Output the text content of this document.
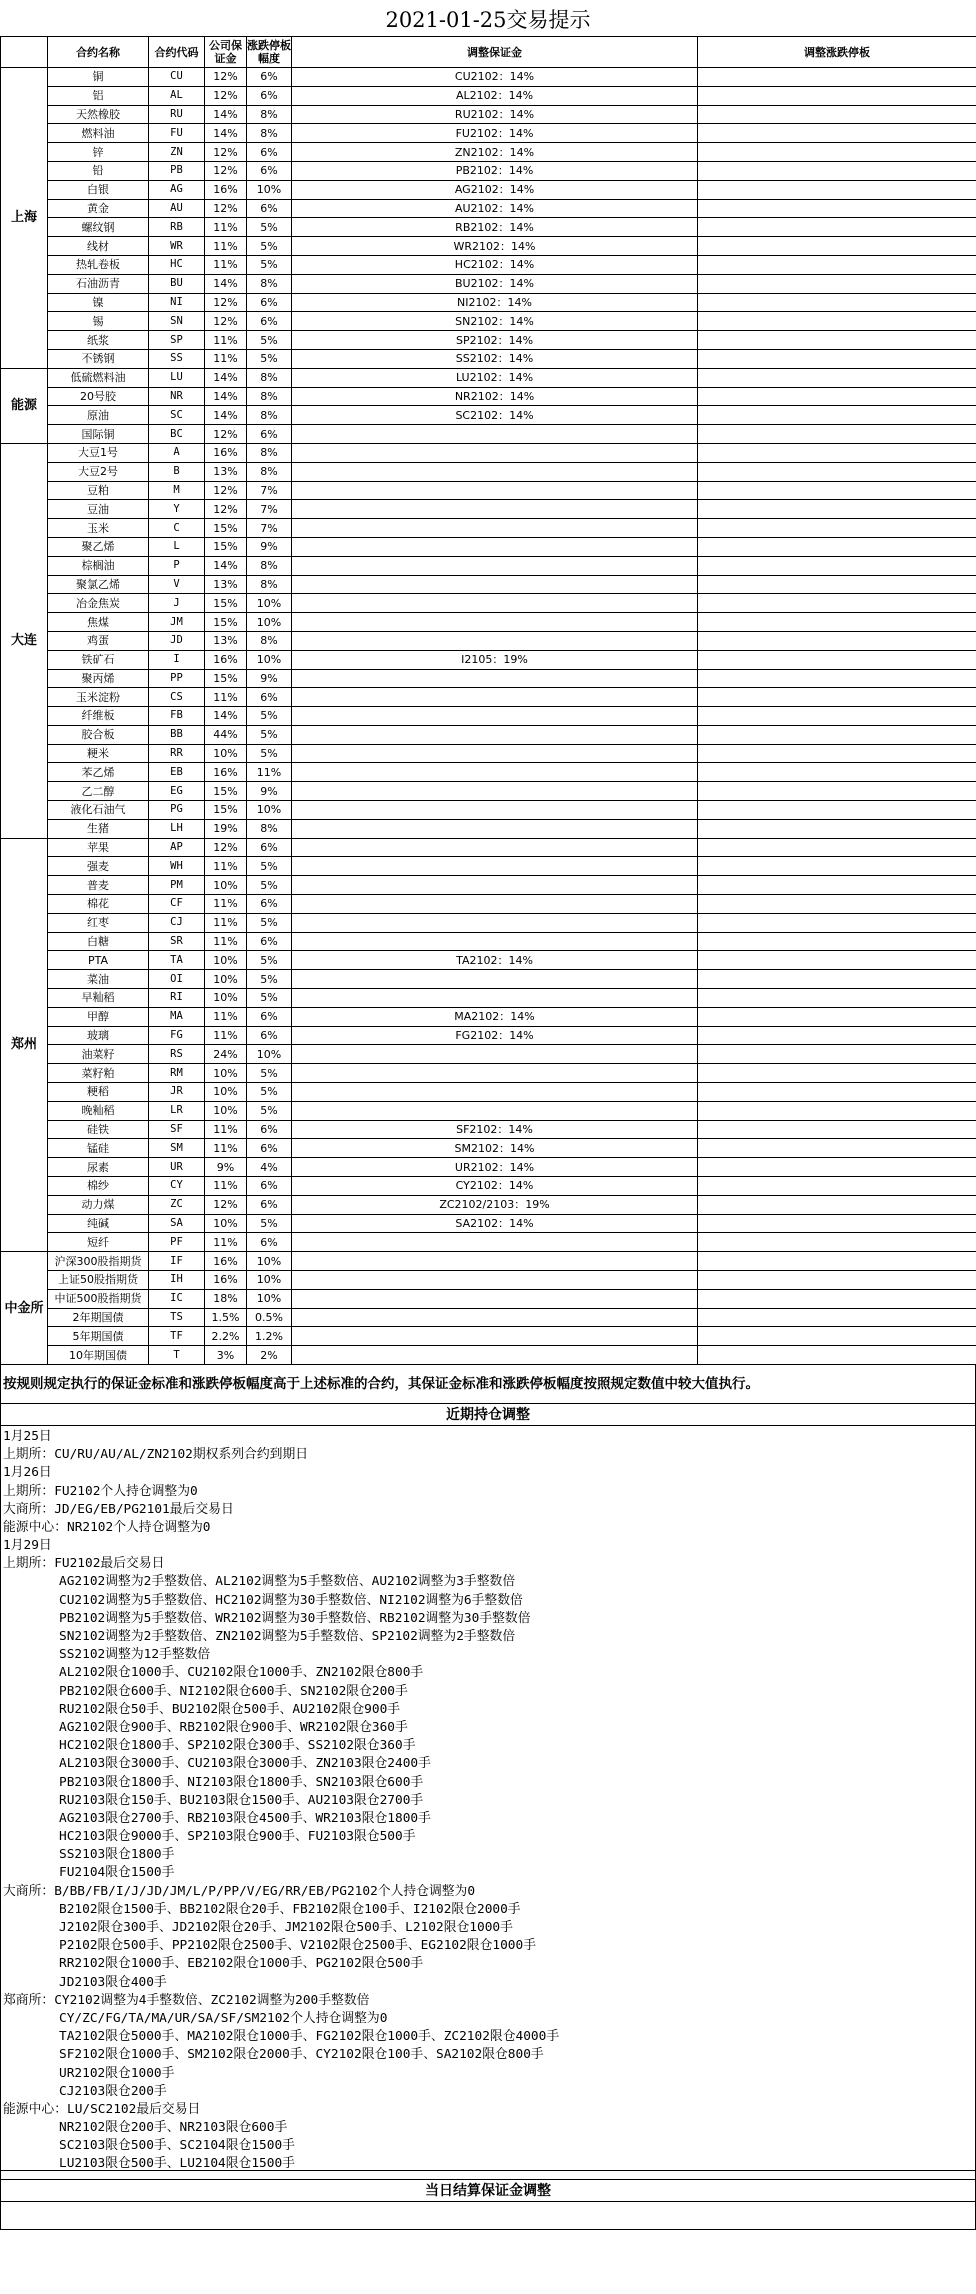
2021-01-25交易提示
	合约名称	合约代码	公司保证金	涨跌停板幅度	调整保证金	调整涨跌停板
上海	铜	CU	12%	6%	CU2102：14%	
	铝	AL	12%	6%	AL2102：14%	
	天然橡胶	RU	14%	8%	RU2102：14%	
	燃料油	FU	14%	8%	FU2102：14%	
	锌	ZN	12%	6%	ZN2102：14%	
	铅	PB	12%	6%	PB2102：14%	
	白银	AG	16%	10%	AG2102：14%	
	黄金	AU	12%	6%	AU2102：14%	
	螺纹钢	RB	11%	5%	RB2102：14%	
	线材	WR	11%	5%	WR2102：14%	
	热轧卷板	HC	11%	5%	HC2102：14%	
	石油沥青	BU	14%	8%	BU2102：14%	
	镍	NI	12%	6%	NI2102：14%	
	锡	SN	12%	6%	SN2102：14%	
	纸浆	SP	11%	5%	SP2102：14%	
	不锈钢	SS	11%	5%	SS2102：14%	
能源	低硫燃料油	LU	14%	8%	LU2102：14%	
	20号胶	NR	14%	8%	NR2102：14%	
	原油	SC	14%	8%	SC2102：14%	
	国际铜	BC	12%	6%		
大连	大豆1号	A	16%	8%		
	大豆2号	B	13%	8%		
	豆粕	M	12%	7%		
	豆油	Y	12%	7%		
	玉米	C	15%	7%		
	聚乙烯	L	15%	9%		
	棕榈油	P	14%	8%		
	聚氯乙烯	V	13%	8%		
	冶金焦炭	J	15%	10%		
	焦煤	JM	15%	10%		
	鸡蛋	JD	13%	8%		
	铁矿石	I	16%	10%	I2105：19%	
	聚丙烯	PP	15%	9%		
	玉米淀粉	CS	11%	6%		
	纤维板	FB	14%	5%		
	胶合板	BB	44%	5%		
	粳米	RR	10%	5%		
	苯乙烯	EB	16%	11%		
	乙二醇	EG	15%	9%		
	液化石油气	PG	15%	10%		
	生猪	LH	19%	8%		
郑州	苹果	AP	12%	6%		
	强麦	WH	11%	5%		
	普麦	PM	10%	5%		
	棉花	CF	11%	6%		
	红枣	CJ	11%	5%		
	白糖	SR	11%	6%		
	PTA	TA	10%	5%	TA2102：14%	
	菜油	OI	10%	5%		
	早籼稻	RI	10%	5%		
	甲醇	MA	11%	6%	MA2102：14%	
	玻璃	FG	11%	6%	FG2102：14%	
	油菜籽	RS	24%	10%		
	菜籽粕	RM	10%	5%		
	粳稻	JR	10%	5%		
	晚籼稻	LR	10%	5%		
	硅铁	SF	11%	6%	SF2102：14%	
	锰硅	SM	11%	6%	SM2102：14%	
	尿素	UR	9%	4%	UR2102：14%	
	棉纱	CY	11%	6%	CY2102：14%	
	动力煤	ZC	12%	6%	ZC2102/2103：19%	
	纯碱	SA	10%	5%	SA2102：14%	
	短纤	PF	11%	6%		
中金所	沪深300股指期货	IF	16%	10%		
	上证50股指期货	IH	16%	10%		
	中证500股指期货	IC	18%	10%		
	2年期国债	TS	1.5%	0.5%		
	5年期国债	TF	2.2%	1.2%		
	10年期国债	T	3%	2%		
按规则规定执行的保证金标准和涨跌停板幅度高于上述标准的合约，其保证金标准和涨跌停板幅度按照规定数值中较大值执行。
近期持仓调整
1月25日
上期所：CU/RU/AU/AL/ZN2102期权系列合约到期日
1月26日
上期所：FU2102个人持仓调整为0
大商所：JD/EG/EB/PG2101最后交易日
能源中心：NR2102个人持仓调整为0
1月29日
上期所：FU2102最后交易日
AG2102调整为2手整数倍、AL2102调整为5手整数倍、AU2102调整为3手整数倍
CU2102调整为5手整数倍、HC2102调整为30手整数倍、NI2102调整为6手整数倍
PB2102调整为5手整数倍、WR2102调整为30手整数倍、RB2102调整为30手整数倍
SN2102调整为2手整数倍、ZN2102调整为5手整数倍、SP2102调整为2手整数倍
SS2102调整为12手整数倍
AL2102限仓1000手、CU2102限仓1000手、ZN2102限仓800手
PB2102限仓600手、NI2102限仓600手、SN2102限仓200手
RU2102限仓50手、BU2102限仓500手、AU2102限仓900手
AG2102限仓900手、RB2102限仓900手、WR2102限仓360手
HC2102限仓1800手、SP2102限仓300手、SS2102限仓360手
AL2103限仓3000手、CU2103限仓3000手、ZN2103限仓2400手
PB2103限仓1800手、NI2103限仓1800手、SN2103限仓600手
RU2103限仓150手、BU2103限仓1500手、AU2103限仓2700手
AG2103限仓2700手、RB2103限仓4500手、WR2103限仓1800手
HC2103限仓9000手、SP2103限仓900手、FU2103限仓500手
SS2103限仓1800手
FU2104限仓1500手
大商所：B/BB/FB/I/J/JD/JM/L/P/PP/V/EG/RR/EB/PG2102个人持仓调整为0
B2102限仓1500手、BB2102限仓20手、FB2102限仓100手、I2102限仓2000手
J2102限仓300手、JD2102限仓20手、JM2102限仓500手、L2102限仓1000手
P2102限仓500手、PP2102限仓2500手、V2102限仓2500手、EG2102限仓1000手
RR2102限仓1000手、EB2102限仓1000手、PG2102限仓500手
JD2103限仓400手
郑商所：CY2102调整为4手整数倍、ZC2102调整为200手整数倍
CY/ZC/FG/TA/MA/UR/SA/SF/SM2102个人持仓调整为0
TA2102限仓5000手、MA2102限仓1000手、FG2102限仓1000手、ZC2102限仓4000手
SF2102限仓1000手、SM2102限仓2000手、CY2102限仓100手、SA2102限仓800手
UR2102限仓1000手
CJ2103限仓200手
能源中心：LU/SC2102最后交易日
NR2102限仓200手、NR2103限仓600手
SC2103限仓500手、SC2104限仓1500手
LU2103限仓500手、LU2104限仓1500手
当日结算保证金调整
